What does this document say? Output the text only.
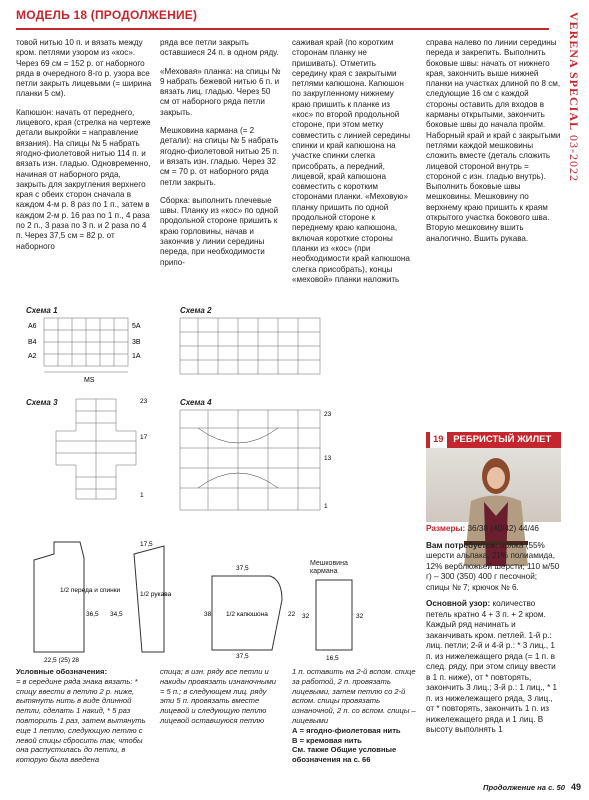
МОДЕЛЬ 18 (ПРОДОЛЖЕНИЕ)	VERENA SPECIAL 03-2022

товой нитью 10 п. и вязать между кром. петлями узором из «кос». Через 69 см = 152 р. от наборного ряда в очередного 8-го р. узора все петли закрыть лицевыми (= ширина планки 5 см).

Капюшон: начать от переднего, лицевого, края (стрелка на чертеже детали выкройки = направление вязания). На спицы № 5 набрать ягодно-фиолетовой нитью 114 п. и вязать изн. гладью. Одновременно, начиная от наборного ряда, закрыть для закругления верхнего края с обеих сторон сначала в каждом 4-м р. 8 раз по 1 п., затем в каждом 2-м р. 16 раз по 1 п., 4 раза по 2 п., 3 раза по 3 п. и 2 раза по 4 п. Через 37,5 см = 82 р. от наборного

ряда все петли закрыть оставшиеся 24 п. в одном ряду.

«Меховая» планка: на спицы № 9 набрать бежевой нитью 6 п. и вязать лиц. гладью. Через 50 см от наборного ряда петли закрыть.

Мешковина кармана (= 2 детали): на спицы № 5 набрать ягодно-фиолетовой нитью 25 п. и вязать изн. гладью. Через 32 см = 70 р. от наборного ряда петли закрыть.

Сборка: выполнить плечевые швы. Планку из «кос» по одной продольной стороне пришить к краю горловины, начав и закончив у линии середины переда, при необходимости припо-

саживая край (по коротким сторонам планку не пришивать). Отметить середину края с закрытыми петлями капюшона. Капюшон по закругленному нижнему краю пришить к планке из «кос» по второй продольной стороне, при этом метку совместить с линией середины спинки и край капюшона на участке спинки слегка присобрать, а передний, лицевой, край капюшона совместить с коротким сторонами планки. «Меховую» планку пришить по одной продольной стороне к переднему краю капюшона, включая короткие стороны планки из «кос» (при необходимости край капюшона слегка присобрать), концы «меховой» планки наложить

справа налево по линии середины переда и закрепить. Выполнить боковые швы: начать от нижнего края, закончить выше нижней планки на участках длиной по 8 см, следующие 16 см с каждой стороны оставить для входов в карманы открытыми, закончить боковые швы до начала пройм. Наборный край и край с закрытыми петлями каждой мешковины сложить вместе (деталь сложить лицевой стороной внутрь = стороной с изн. гладью внутрь). Выполнить боковые швы мешковины. Мешковину по верхнему краю пришить к краям открытого участка бокового шва. Вторую мешковину вшить аналогично. Вшить рукава.

19 РЕБРИСТЫЙ ЖИЛЕТ

Размеры: 36/38 (40/42) 44/46

Вам потребуется: пряжа (55% шерсти альпака, 21% полиамида, 12% верблюжьей шерсти; 110 м/50 г) – 300 (350) 400 г песочной; спицы № 7; крючок № 6.

Основной узор: количество петель кратно 4 + 3 п. + 2 кром. Каждый ряд начинать и заканчивать кром. петлей. 1-й р.: лиц. петли; 2-й и 4-й р.: * 3 лиц., 1 п. из нижележащего ряда (= 1 п. в след. ряду, при этом спицу ввести в 1 п. ниже), от * повторять, закончить 3 лиц.; 3-й р.: 1 лиц., * 1 п. из нижележащего ряда, 3 лиц., от * повторять, закончить 1 п. из нижележащего ряда и 1 лиц. В высоту выполнять 1

Схема 1
A6
B4
A2
5A
3B
1A
MS
Схема 2
Схема 3	23
17
1
Схема 4
23
13
1
1/2 переда и спинки
1/2 рукава
36,5 34,5
22,5 (25) 28
17,5
37,5
1/2 капюшона
38	22
37,5
Мешковина кармана
32	32
16,5
Условные обозначения:
= в середине ряда знака вязать: * спицу ввести в петлю 2 р. ниже, вытянуть нить в виде длинной петли, сделать 1 накид, * 5 раз повторить 1 раз, затем вытянуть еще 1 петлю, следующую петлю с левой спицы сбросить так, чтобы она распустилась до петли, в которую была введена
спица; в изн. ряду все петли и накиды провязать изнаночными = 5 п.; в следующем лиц. ряду эти 5 п. провязать вместе лицевой и следующую петлю лицевой оставшуюся петлю
1 п. оставить на 2-й вспом. спице за работой, 2 п. провязать лицевыми, затем петлю со 2-й вспом. спицы провязать изнаночной, 2 п. со вспом. спицы – лицевыми
А = ягодно-фиолетовая нить
В = кремовая нить
См. также Общие условные обозначения на с. 66
Продолжение на с. 50 49
